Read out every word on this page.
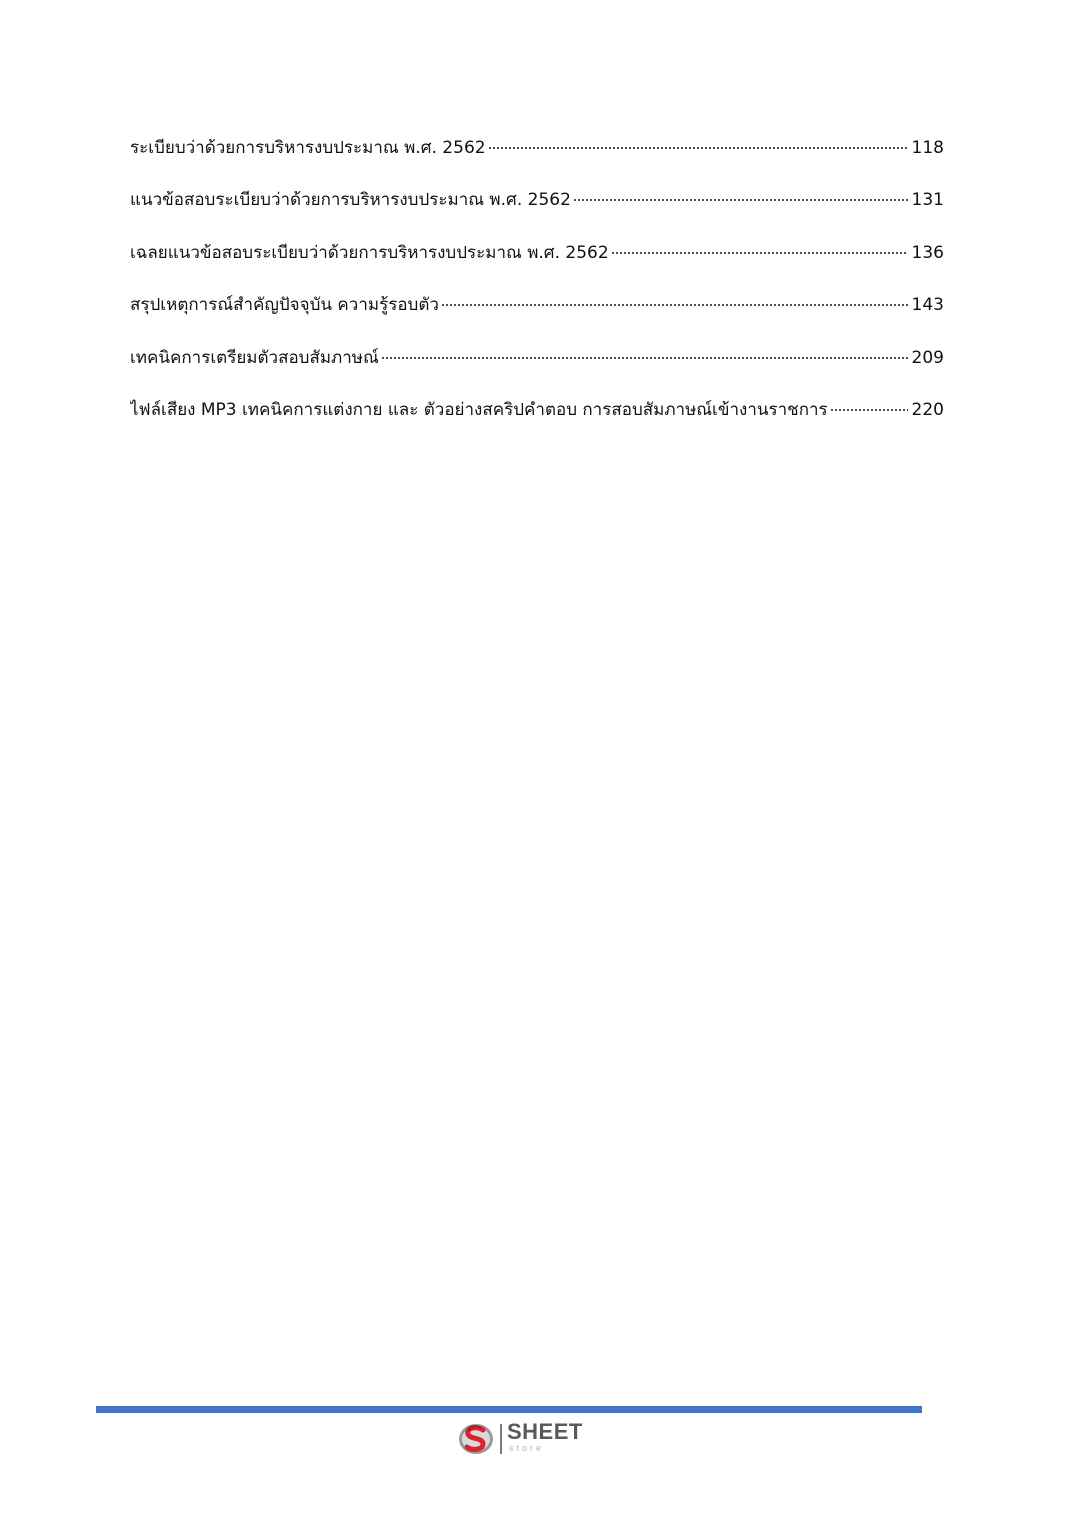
ระเบียบว่าด้วยการบริหารงบประมาณ พ.ศ. 2562	118
แนวข้อสอบระเบียบว่าด้วยการบริหารงบประมาณ พ.ศ. 2562	131
เฉลยแนวข้อสอบระเบียบว่าด้วยการบริหารงบประมาณ พ.ศ. 2562	136
สรุปเหตุการณ์สำคัญปัจจุบัน ความรู้รอบตัว	143
เทคนิคการเตรียมตัวสอบสัมภาษณ์	209
ไฟล์เสียง MP3 เทคนิคการแต่งกาย และ ตัวอย่างสคริปคำตอบ การสอบสัมภาษณ์เข้างานราชการ	220
SHEET
store
